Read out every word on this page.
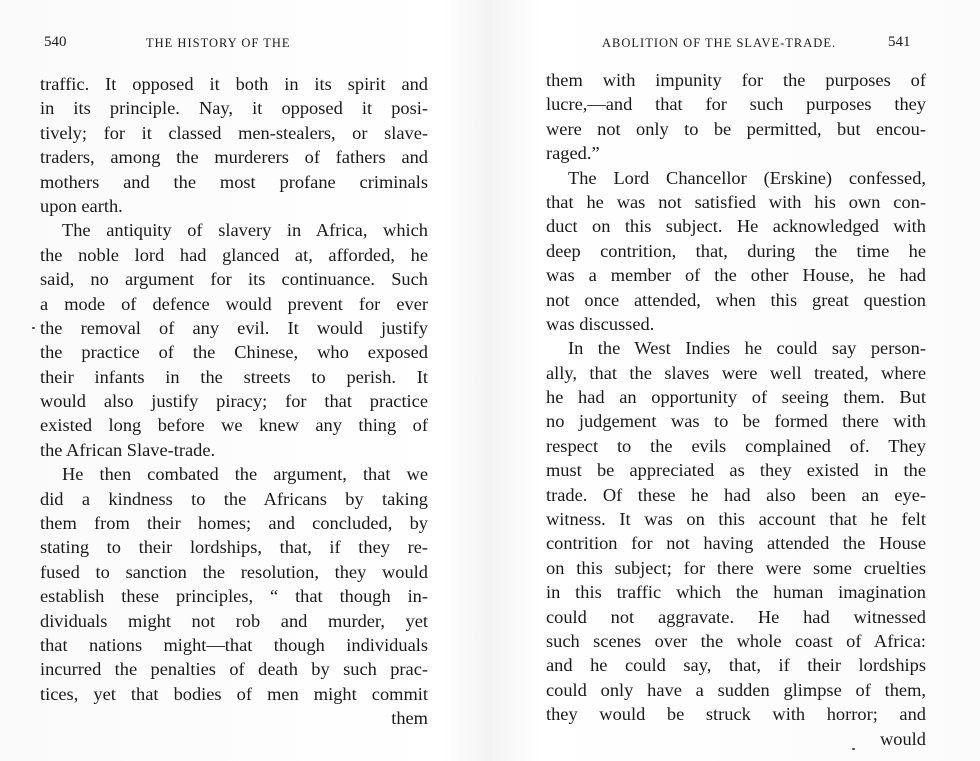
540	THE HISTORY OF THE
traffic. It opposed it both in its spirit and
in its principle. Nay, it opposed it posi-
tively; for it classed men-stealers, or slave-
traders, among the murderers of fathers and
mothers and the most profane criminals
upon earth.
The antiquity of slavery in Africa, which
the noble lord had glanced at, afforded, he
said, no argument for its continuance. Such
a mode of defence would prevent for ever
the removal of any evil. It would justify
the practice of the Chinese, who exposed
their infants in the streets to perish. It
would also justify piracy; for that practice
existed long before we knew any thing of
the African Slave-trade.
He then combated the argument, that we
did a kindness to the Africans by taking
them from their homes; and concluded, by
stating to their lordships, that, if they re-
fused to sanction the resolution, they would
establish these principles, “ that though in-
dividuals might not rob and murder, yet
that nations might—that though individuals
incurred the penalties of death by such prac-
tices, yet that bodies of men might commit
them
ABOLITION OF THE SLAVE-TRADE.	541
them with impunity for the purposes of
lucre,—and that for such purposes they
were not only to be permitted, but encou-
raged.”
The Lord Chancellor (Erskine) confessed,
that he was not satisfied with his own con-
duct on this subject. He acknowledged with
deep contrition, that, during the time he
was a member of the other House, he had
not once attended, when this great question
was discussed.
In the West Indies he could say person-
ally, that the slaves were well treated, where
he had an opportunity of seeing them. But
no judgement was to be formed there with
respect to the evils complained of. They
must be appreciated as they existed in the
trade. Of these he had also been an eye-
witness. It was on this account that he felt
contrition for not having attended the House
on this subject; for there were some cruelties
in this traffic which the human imagination
could not aggravate. He had witnessed
such scenes over the whole coast of Africa:
and he could say, that, if their lordships
could only have a sudden glimpse of them,
they would be struck with horror; and
would
